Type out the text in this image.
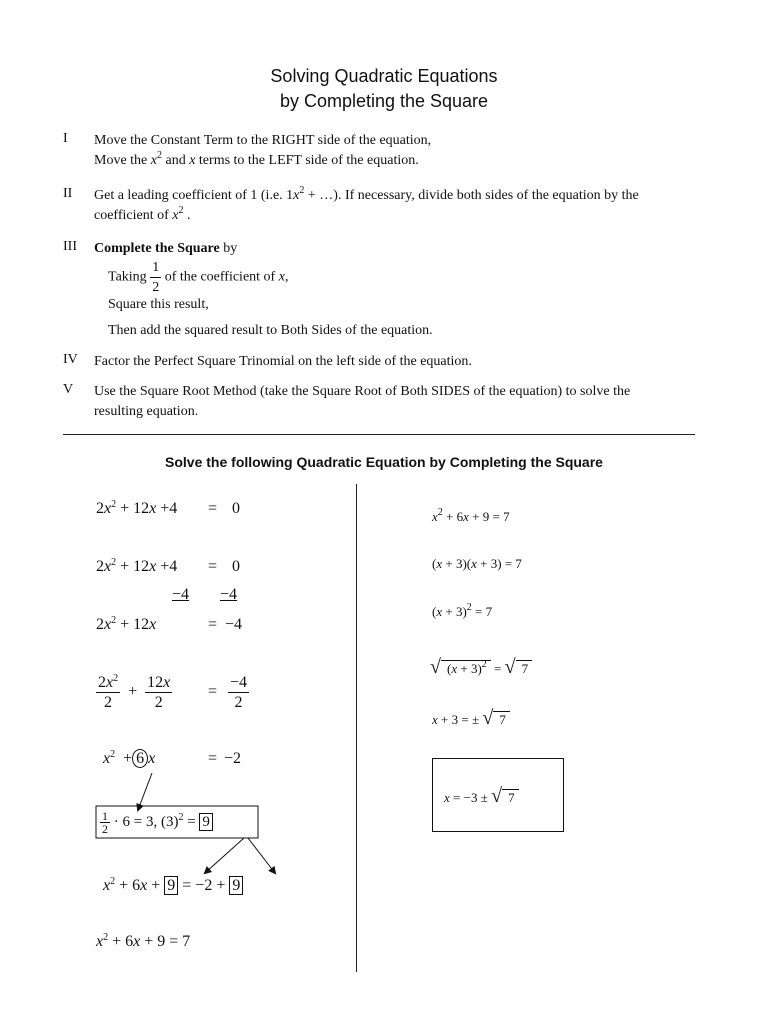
Solving Quadratic Equations
by Completing the Square
I Move the Constant Term to the RIGHT side of the equation,
Move the $x^2$ and x terms to the LEFT side of the equation.
II Get a leading coefficient of 1 (i.e. $1x^2$ + …). If necessary, divide both sides of the equation by the
coefficient of $x^2$ .
III Complete the Square by
Taking $\frac{1}{2}$ of the coefficient of x,
Square this result,
Then add the squared result to Both Sides of the equation.
IV Factor the Perfect Square Trinomial on the left side of the equation.
V Use the Square Root Method (take the Square Root of Both SIDES of the equation) to solve the
resulting equation.
Solve the following Quadratic Equation by Completing the Square
$2x^2 + 12x +4 = 0$
$2x^2 + 12x +4 = 0$
−4 −4
$2x^2 + 12x$	= −4
$\frac{2x^2}{2} + \frac{12x}{2} = \frac{-4}{2}$
$x^2 + 6$ x	= −2
$\frac{1}{2} \cdot 6 = 3$, $(3)^2 = 9$
$x^2 + 6x + 9 = -2 + 9$
$x^2 + 6x + 9 = 7$
$x^2 + 6x + 9 = 7$
(x + 3)(x + 3) = 7
$(x + 3)^2 = 7$
√ $(x + 3)^2$ = √ 7
x + 3 = ± √ 7
x = −3 ± √ 7
